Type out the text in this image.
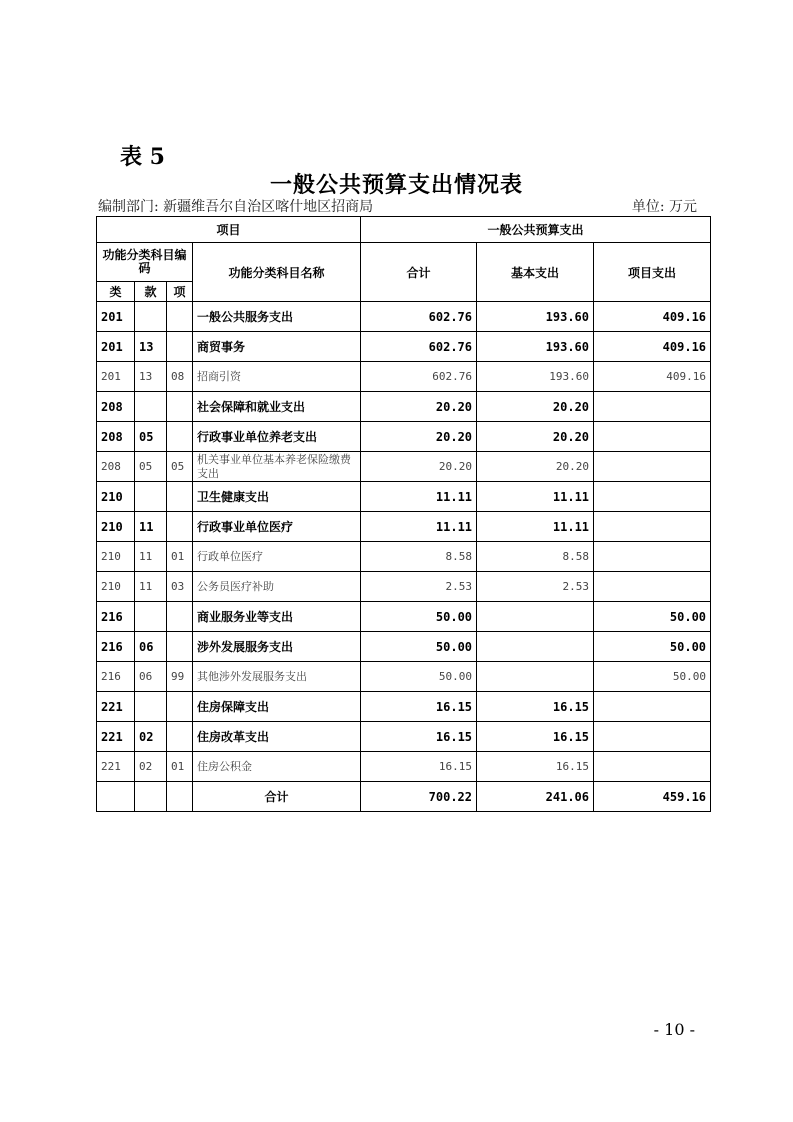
表 5
一般公共预算支出情况表
编制部门: 新疆维吾尔自治区喀什地区招商局	单位: 万元
项目				一般公共预算支出		
功能分类科目编码			功能分类科目名称	合计	基本支出	项目支出
类	款	项				
201			一般公共服务支出	602.76	193.60	409.16
201	13		商贸事务	602.76	193.60	409.16
201	13	08	招商引资	602.76	193.60	409.16
208			社会保障和就业支出	20.20	20.20	
208	05		行政事业单位养老支出	20.20	20.20	
208	05	05	机关事业单位基本养老保险缴费支出	20.20	20.20	
210			卫生健康支出	11.11	11.11	
210	11		行政事业单位医疗	11.11	11.11	
210	11	01	行政单位医疗	8.58	8.58	
210	11	03	公务员医疗补助	2.53	2.53	
216			商业服务业等支出	50.00		50.00
216	06		涉外发展服务支出	50.00		50.00
216	06	99	其他涉外发展服务支出	50.00		50.00
221			住房保障支出	16.15	16.15	
221	02		住房改革支出	16.15	16.15	
221	02	01	住房公积金	16.15	16.15	
			合计	700.22	241.06	459.16
- 10 -
